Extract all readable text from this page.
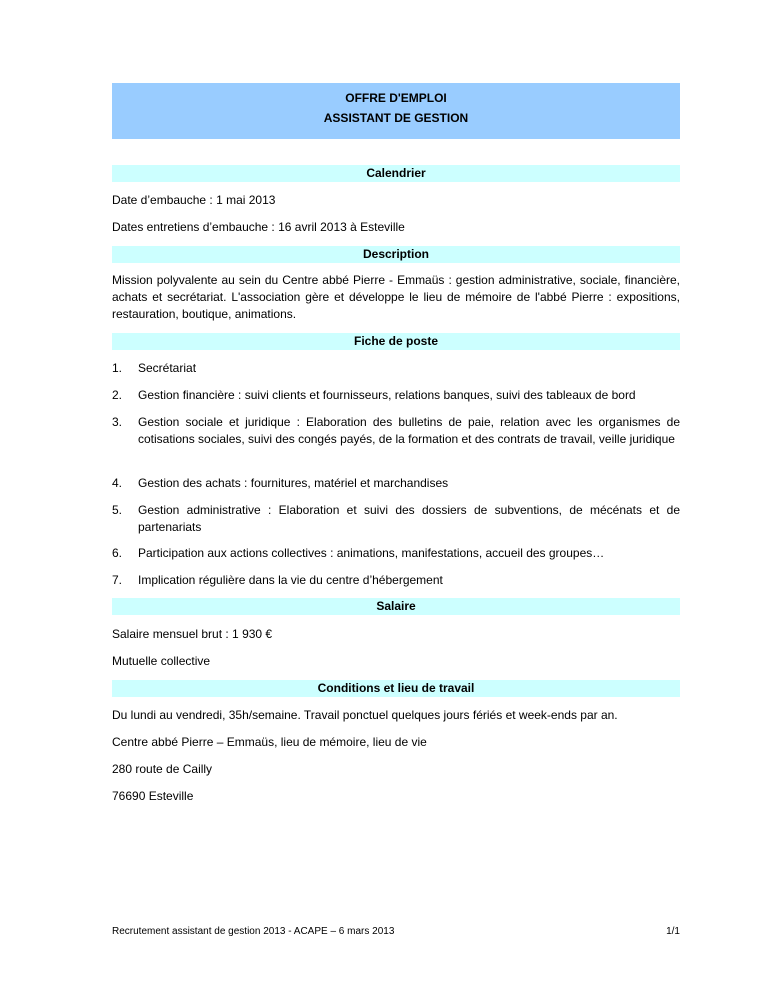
OFFRE D'EMPLOI
ASSISTANT DE GESTION
Calendrier
Date d’embauche : 1 mai 2013
Dates entretiens d’embauche : 16 avril 2013 à Esteville
Description
Mission polyvalente au sein du Centre abbé Pierre - Emmaüs : gestion administrative, sociale, financière, achats et secrétariat. L'association gère et développe le lieu de mémoire de l'abbé Pierre : expositions, restauration, boutique, animations.
Fiche de poste
1.	Secrétariat
2.	Gestion financière : suivi clients et fournisseurs, relations banques, suivi des tableaux de bord
3.	Gestion sociale et juridique : Elaboration des bulletins de paie, relation avec les organismes de cotisations sociales, suivi des congés payés, de la formation et des contrats de travail, veille juridique
4.	Gestion des achats : fournitures, matériel et marchandises
5.	Gestion administrative : Elaboration et suivi des dossiers de subventions, de mécénats et de partenariats
6.	Participation aux actions collectives : animations, manifestations, accueil des groupes…
7.	Implication régulière dans la vie du centre d’hébergement
Salaire
Salaire mensuel brut : 1 930 €
Mutuelle collective
Conditions et lieu de travail
Du lundi au vendredi, 35h/semaine. Travail ponctuel quelques jours fériés et week-ends par an.
Centre abbé Pierre – Emmaüs, lieu de mémoire, lieu de vie
280 route de Cailly
76690 Esteville
Recrutement assistant de gestion 2013 - ACAPE – 6 mars 2013	1/1
